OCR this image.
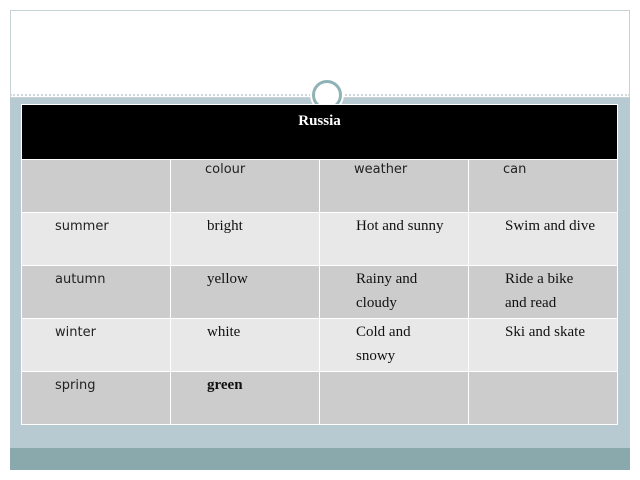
Russia			

	colour	weather	can

summer	bright	Hot and sunny	Swim and dive

autumn	yellow	Rainy and cloudy	Ride a bike and read

winter	white	Cold and snowy	Ski and skate

spring	green		
